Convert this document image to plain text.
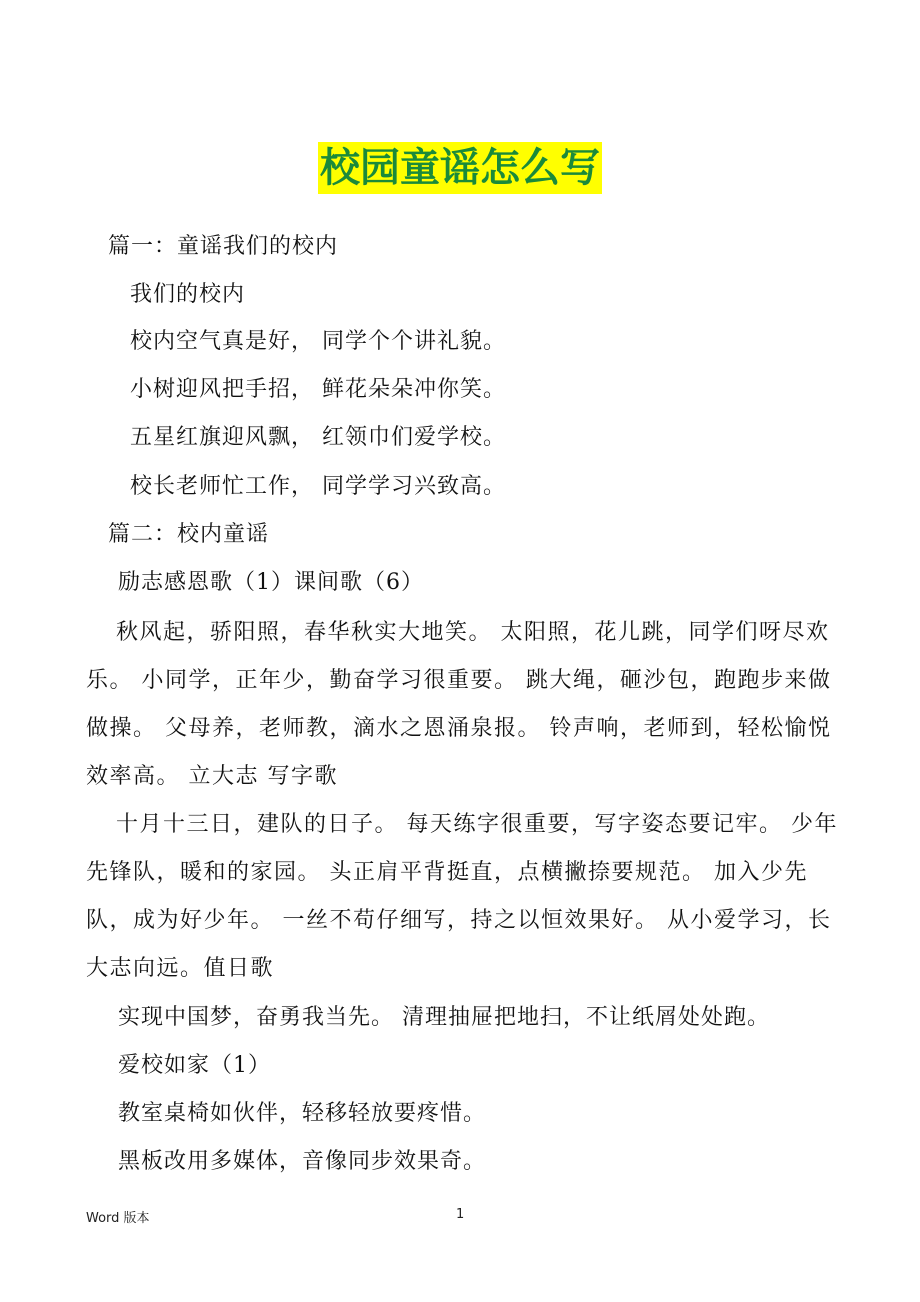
校园童谣怎么写
篇一：童谣我们的校内
我们的校内
校内空气真是好， 同学个个讲礼貌。
小树迎风把手招， 鲜花朵朵冲你笑。
五星红旗迎风飘， 红领巾们爱学校。
校长老师忙工作， 同学学习兴致高。
篇二：校内童谣
励志感恩歌（1）课间歌（6）
秋风起，骄阳照，春华秋实大地笑。 太阳照，花儿跳，同学们呀尽欢乐。 小同学，正年少，勤奋学习很重要。 跳大绳，砸沙包，跑跑步来做做操。 父母养，老师教，滴水之恩涌泉报。 铃声响，老师到，轻松愉悦效率高。 立大志 写字歌
十月十三日，建队的日子。 每天练字很重要，写字姿态要记牢。 少年先锋队，暖和的家园。 头正肩平背挺直，点横撇捺要规范。 加入少先队，成为好少年。 一丝不苟仔细写，持之以恒效果好。 从小爱学习，长大志向远。值日歌
实现中国梦，奋勇我当先。 清理抽屉把地扫，不让纸屑处处跑。
爱校如家（1）
教室桌椅如伙伴，轻移轻放要疼惜。
黑板改用多媒体，音像同步效果奇。
Word 版本	1
